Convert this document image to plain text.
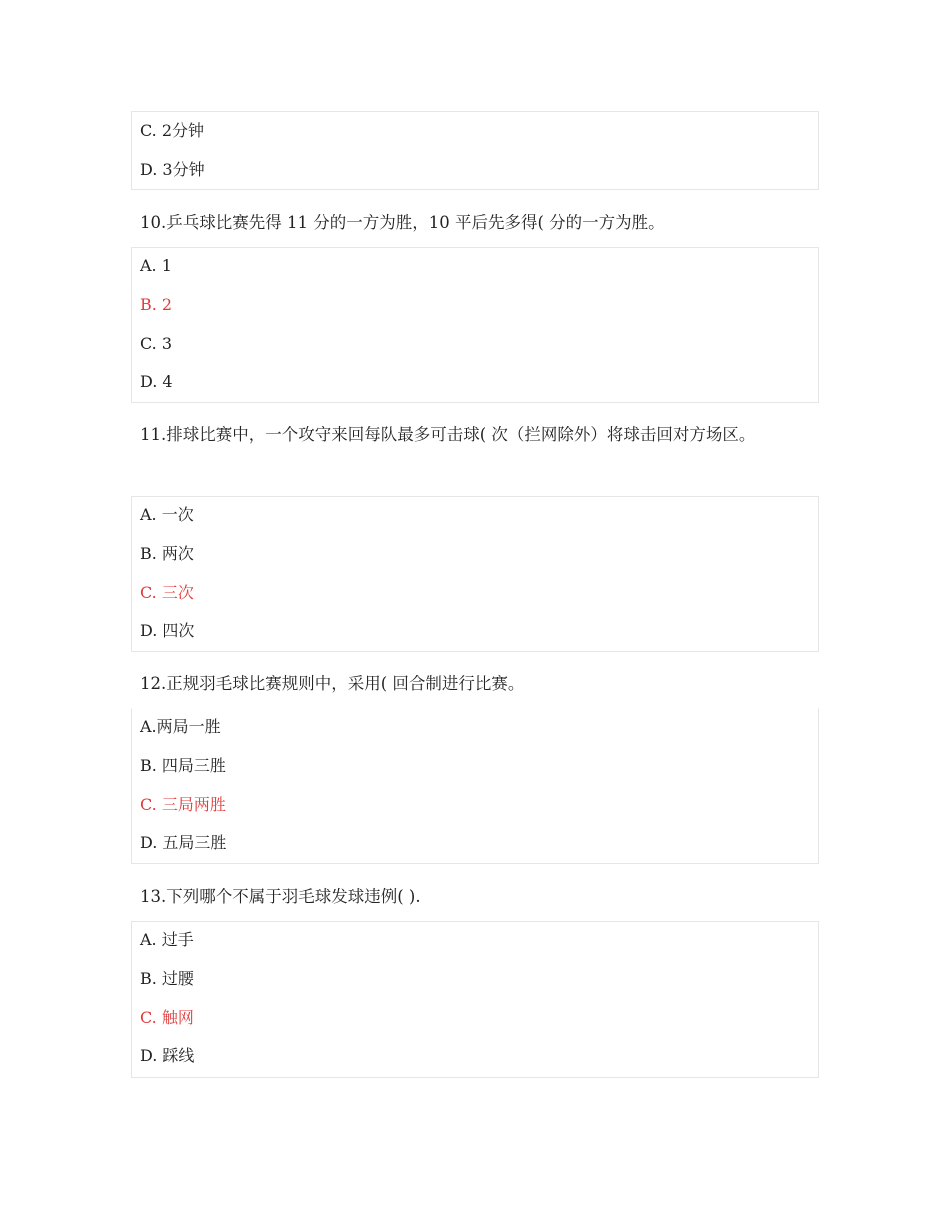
C. 2分钟
D. 3分钟
10.乒乓球比赛先得 11 分的一方为胜，10 平后先多得( 分的一方为胜。
A. 1
B. 2
C. 3
D. 4
11.排球比赛中，一个攻守来回每队最多可击球( 次（拦网除外）将球击回对方场区。
A. 一次
B. 两次
C. 三次
D. 四次
12.正规羽毛球比赛规则中，采用( 回合制进行比赛。
A.两局一胜
B. 四局三胜
C. 三局两胜
D. 五局三胜
13.下列哪个不属于羽毛球发球违例( ).
A. 过手
B. 过腰
C. 触网
D. 踩线
